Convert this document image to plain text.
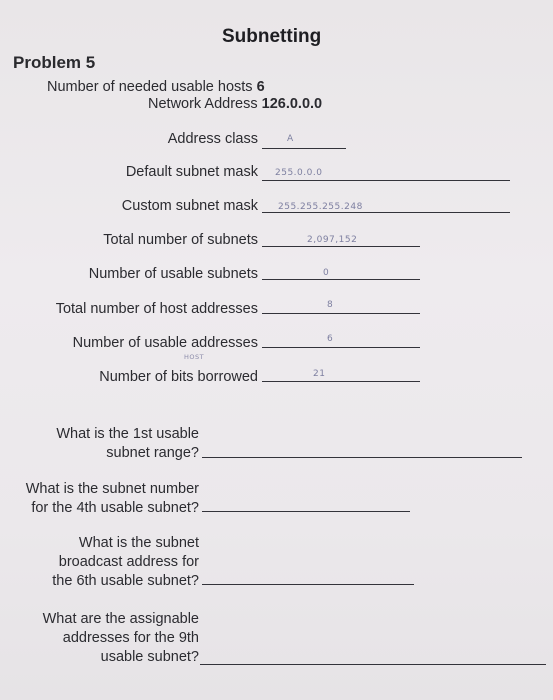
Subnetting
Problem 5
Number of needed usable hosts 6
Network Address 126.0.0.0
Address class	A
Default subnet mask 255.0.0.0
Custom subnet mask 255.255.255.248
Total number of subnets	2,097,152
Number of usable subnets	0
Total number of host addresses	8
Number of usable addresses	6
HOST
Number of bits borrowed	21
What is the 1st usable
subnet range?
What is the subnet number
for the 4th usable subnet?
What is the subnet
broadcast address for
the 6th usable subnet?
What are the assignable
addresses for the 9th
usable subnet?
